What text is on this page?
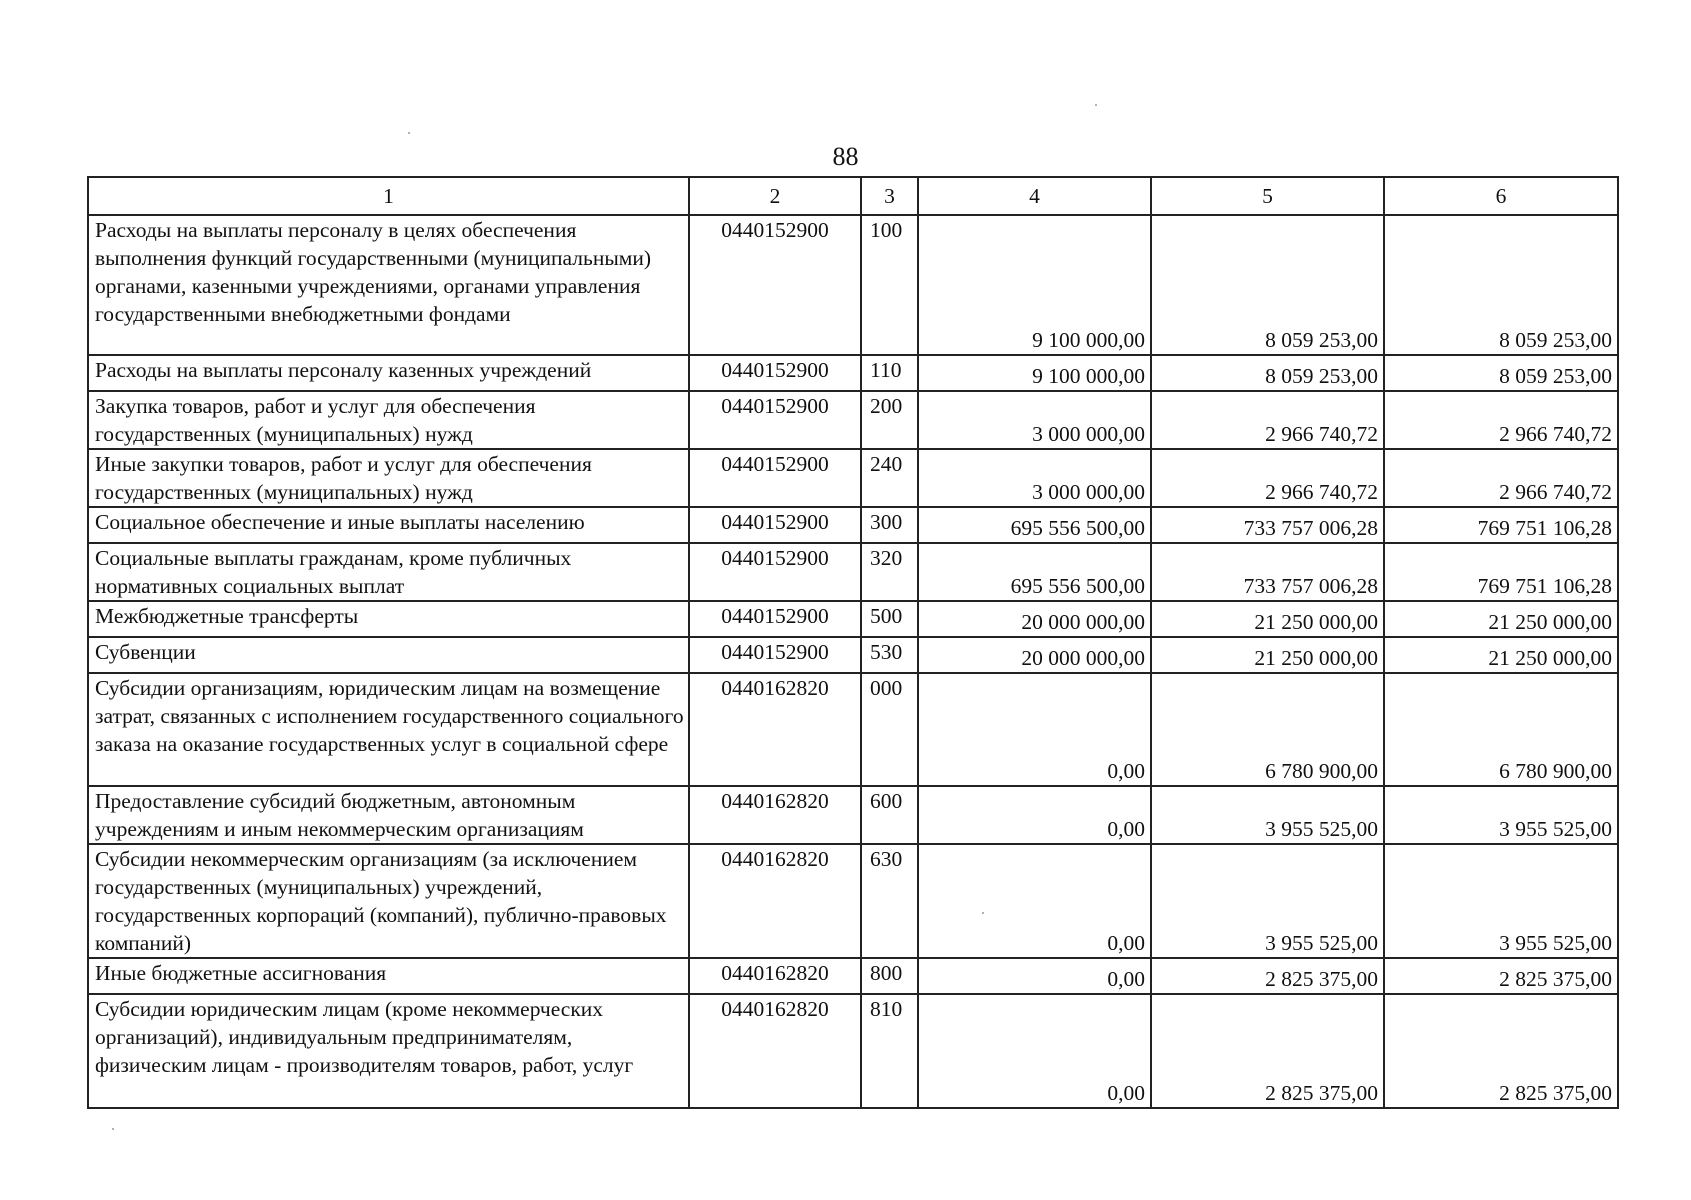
88
1	2	3	4	5	6
Расходы на выплаты персоналу в целях обеспечения выполнения функций государственными (муниципальными) органами, казенными учреждениями, органами управления государственными внебюджетными фондами	0440152900	100	9 100 000,00	8 059 253,00	8 059 253,00
Расходы на выплаты персоналу казенных учреждений	0440152900	110	9 100 000,00	8 059 253,00	8 059 253,00
Закупка товаров, работ и услуг для обеспечения государственных (муниципальных) нужд	0440152900	200	3 000 000,00	2 966 740,72	2 966 740,72
Иные закупки товаров, работ и услуг для обеспечения государственных (муниципальных) нужд	0440152900	240	3 000 000,00	2 966 740,72	2 966 740,72
Социальное обеспечение и иные выплаты населению	0440152900	300	695 556 500,00	733 757 006,28	769 751 106,28
Социальные выплаты гражданам, кроме публичных нормативных социальных выплат	0440152900	320	695 556 500,00	733 757 006,28	769 751 106,28
Межбюджетные трансферты	0440152900	500	20 000 000,00	21 250 000,00	21 250 000,00
Субвенции	0440152900	530	20 000 000,00	21 250 000,00	21 250 000,00
Субсидии организациям, юридическим лицам на возмещение затрат, связанных с исполнением государственного социального заказа на оказание государственных услуг в социальной сфере	0440162820	000	0,00	6 780 900,00	6 780 900,00
Предоставление субсидий бюджетным, автономным учреждениям и иным некоммерческим организациям	0440162820	600	0,00	3 955 525,00	3 955 525,00
Субсидии некоммерческим организациям (за исключением государственных (муниципальных) учреждений, государственных корпораций (компаний), публично-правовых компаний)	0440162820	630	0,00	3 955 525,00	3 955 525,00
Иные бюджетные ассигнования	0440162820	800	0,00	2 825 375,00	2 825 375,00
Субсидии юридическим лицам (кроме некоммерческих организаций), индивидуальным предпринимателям, физическим лицам - производителям товаров, работ, услуг	0440162820	810	0,00	2 825 375,00	2 825 375,00
